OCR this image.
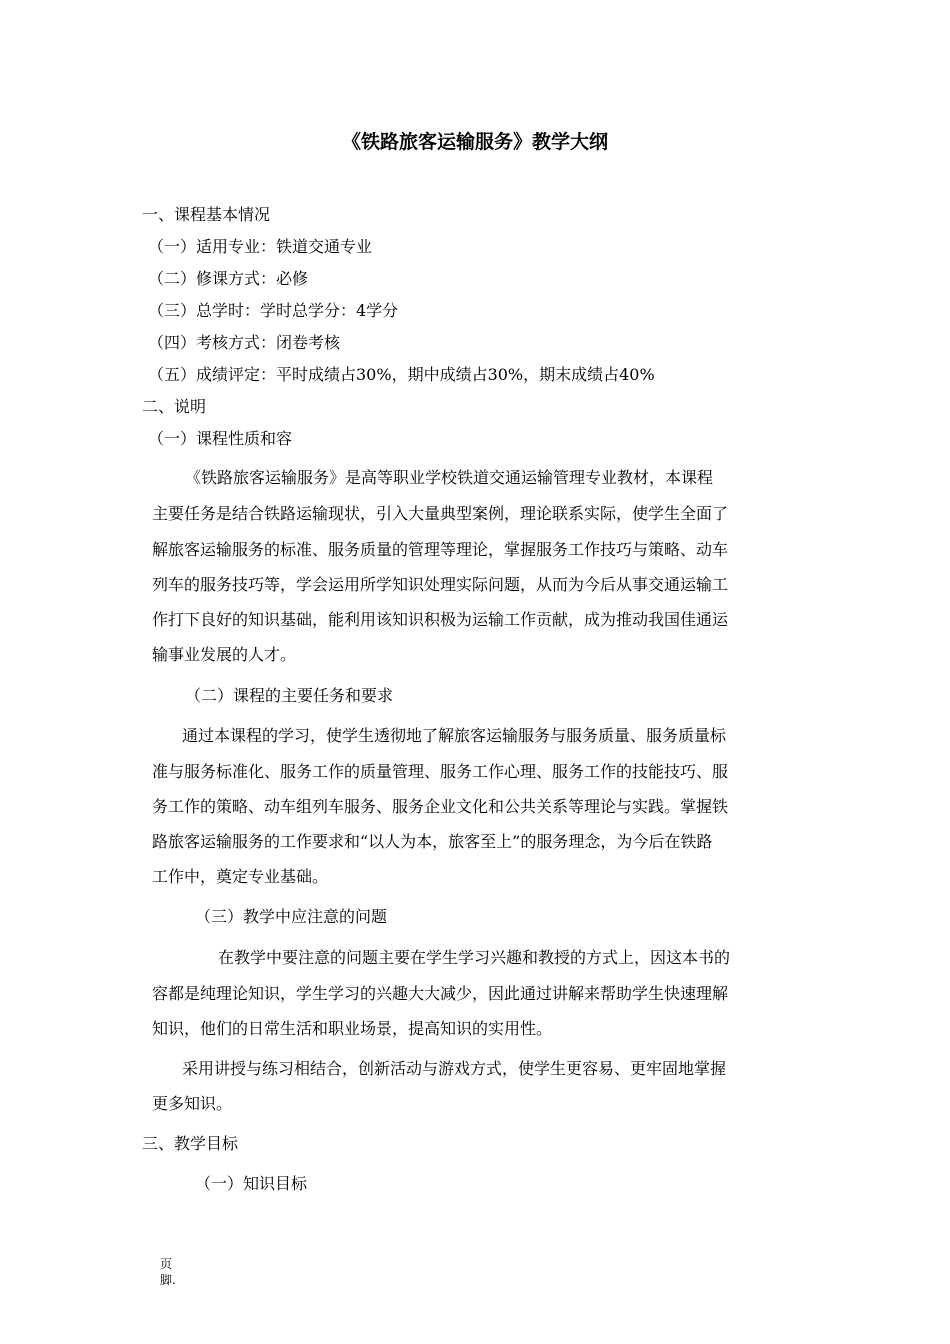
《铁路旅客运输服务》教学大纲
一、课程基本情况
（一）适用专业：铁道交通专业
（二）修课方式：必修
（三）总学时：学时总学分：4学分
（四）考核方式：闭卷考核
（五）成绩评定：平时成绩占30%，期中成绩占30%，期末成绩占40%
二、说明
（一）课程性质和容
《铁路旅客运输服务》是高等职业学校铁道交通运输管理专业教材，本课程
主要任务是结合铁路运输现状，引入大量典型案例，理论联系实际，使学生全面了
解旅客运输服务的标准、服务质量的管理等理论，掌握服务工作技巧与策略、动车
列车的服务技巧等，学会运用所学知识处理实际问题，从而为今后从事交通运输工
作打下良好的知识基础，能利用该知识积极为运输工作贡献，成为推动我国佳通运
输事业发展的人才。
（二）课程的主要任务和要求
通过本课程的学习，使学生透彻地了解旅客运输服务与服务质量、服务质量标
准与服务标准化、服务工作的质量管理、服务工作心理、服务工作的技能技巧、服
务工作的策略、动车组列车服务、服务企业文化和公共关系等理论与实践。掌握铁
路旅客运输服务的工作要求和“以人为本，旅客至上”的服务理念，为今后在铁路
工作中，奠定专业基础。
（三）教学中应注意的问题
在教学中要注意的问题主要在学生学习兴趣和教授的方式上，因这本书的
容都是纯理论知识，学生学习的兴趣大大减少，因此通过讲解来帮助学生快速理解
知识，他们的日常生活和职业场景，提高知识的实用性。
采用讲授与练习相结合，创新活动与游戏方式，使学生更容易、更牢固地掌握
更多知识。
三、教学目标
（一）知识目标
页
脚.
